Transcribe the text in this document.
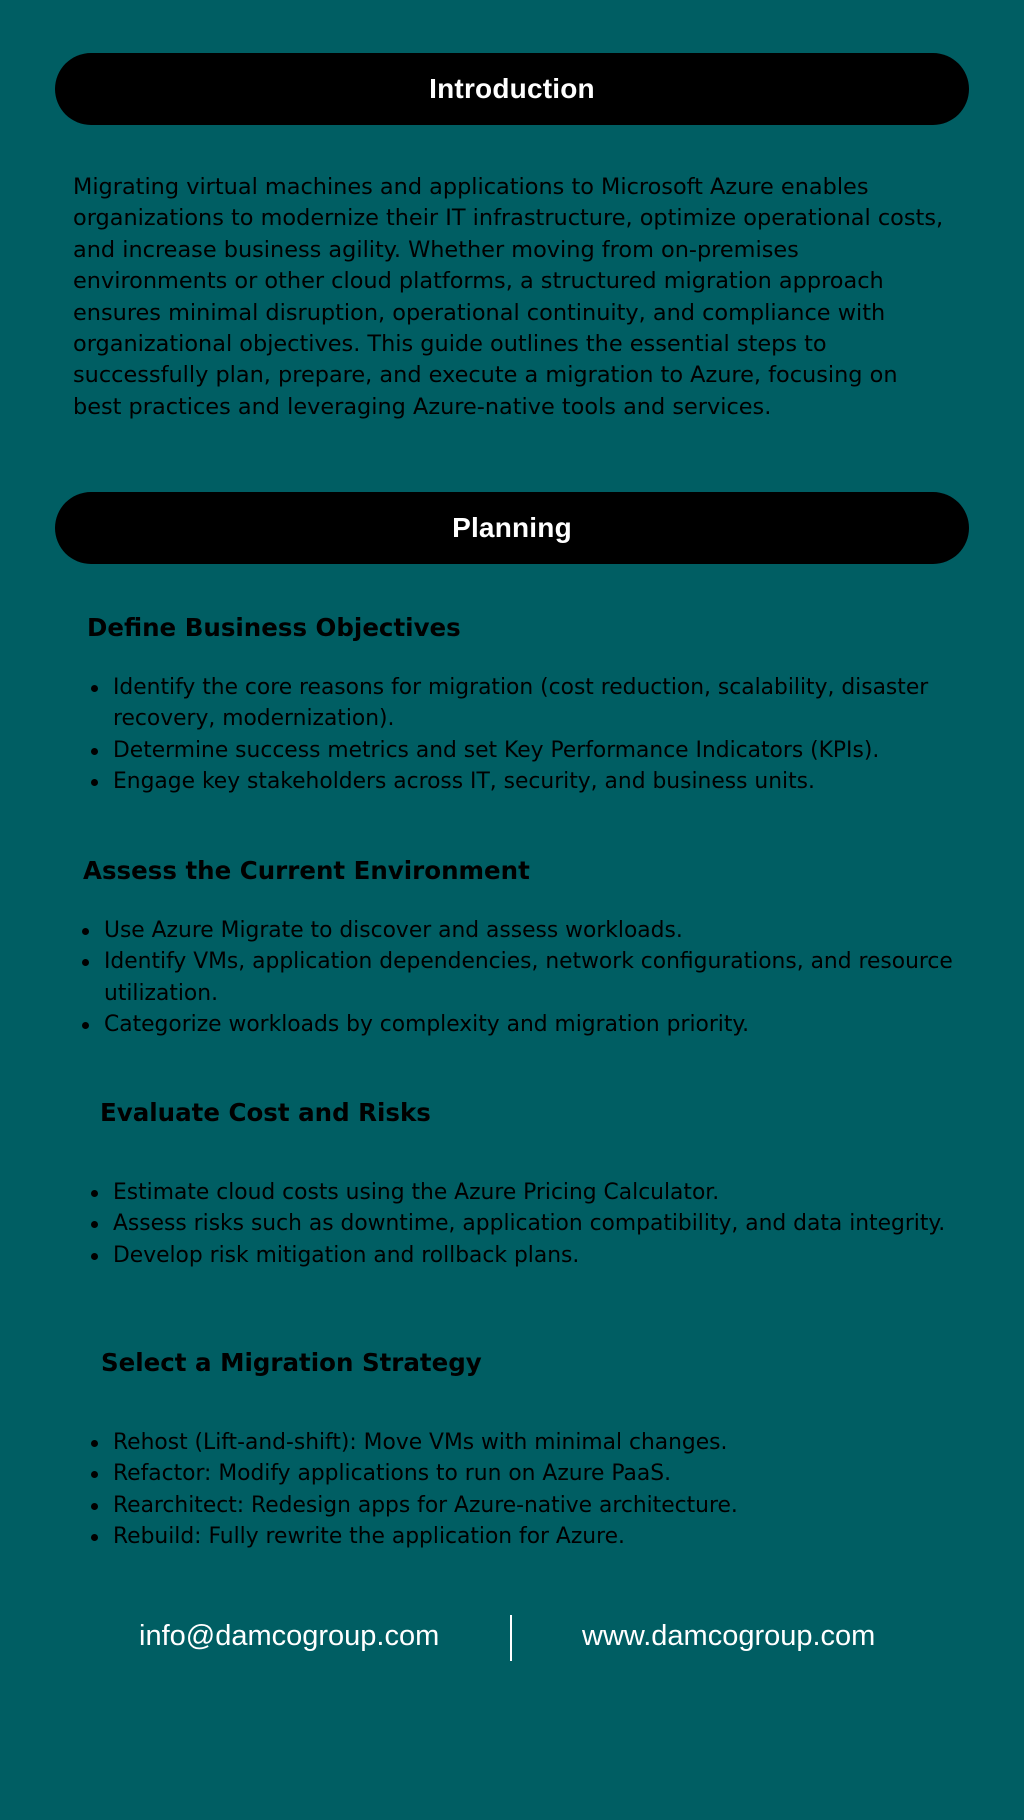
Introduction

Migrating virtual machines and applications to Microsoft Azure enables organizations to modernize their IT infrastructure, optimize operational costs, and increase business agility. Whether moving from on-premises environments or other cloud platforms, a structured migration approach ensures minimal disruption, operational continuity, and compliance with organizational objectives. This guide outlines the essential steps to successfully plan, prepare, and execute a migration to Azure, focusing on best practices and leveraging Azure-native tools and services.

Planning
Define Business Objectives
Identify the core reasons for migration (cost reduction, scalability, disaster recovery, modernization).
Determine success metrics and set Key Performance Indicators (KPIs).
Engage key stakeholders across IT, security, and business units.
Assess the Current Environment
Use Azure Migrate to discover and assess workloads.
Identify VMs, application dependencies, network configurations, and resource utilization.
Categorize workloads by complexity and migration priority.
Evaluate Cost and Risks
Estimate cloud costs using the Azure Pricing Calculator.
Assess risks such as downtime, application compatibility, and data integrity.
Develop risk mitigation and rollback plans.
Select a Migration Strategy
Rehost (Lift-and-shift): Move VMs with minimal changes.
Refactor: Modify applications to run on Azure PaaS.
Rearchitect: Redesign apps for Azure-native architecture.
Rebuild: Fully rewrite the application for Azure.
info@damcogroup.com	www.damcogroup.com
